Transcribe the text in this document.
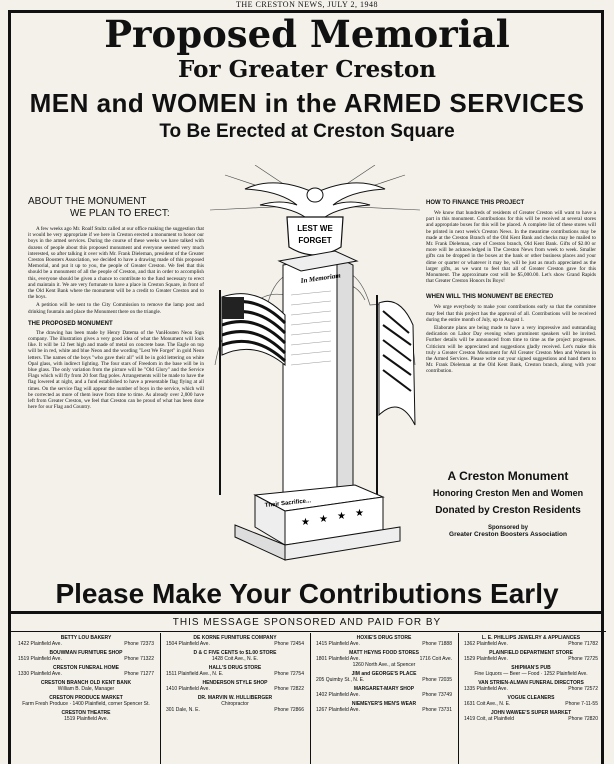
THE CRESTON NEWS, JULY 2, 1948
Proposed Memorial
For Greater Creston
MEN and WOMEN in the ARMED SERVICES
To Be Erected at Creston Square
ABOUT THE MONUMENT
WE PLAN TO ERECT:
A few weeks ago Mr. Roalf Stultz called at our office making the suggestion that it would be very appropriate if we here in Creston erected a monument to honor our boys in the armed services. During the course of these weeks we have talked with dozens of people about this proposed monument and everyone seemed very much interested, so after talking it over with Mr. Frank Dieleman, president of the Greater Creston Boosters Association, we decided to have a drawing made of this proposed Memorial, and put it up to you, the people of Greater Creston. We feel that this should be a monument of all the people of Creston, and that in order to accomplish this, everyone should be given a chance to contribute to the fund necessary to erect and maintain it. We are very fortunate to have a place in Creston Square, in front of the Old Kent Bank where the monument will be a credit to Greater Creston and to the boys.
A petition will be sent to the City Commission to remove the lamp post and drinking fountain and place the Monument there on the triangle.
THE PROPOSED MONUMENT
The drawing has been made by Henry Datema of the VanHouten Neon Sign company. The illustration gives a very good idea of what the Monument will look like. It will be 12 feet high and made of metal on concrete base. The Eagle on top will be in red, white and blue Neon and the wording "Lest We Forget" in gold Neon letters. The names of the boys "who gave their all" will be in gold lettering on white Opal glass, with indirect lighting. The four stars of Freedom in the base will be in blue glass. The only variation from the picture will be "Old Glory" and the Service Flags which will fly from 20 foot flag poles. Arrangements will be made to have the flag lowered at night, and a fund established to have a presentable flag flying at all times. On the service flag will appear the number of boys in the service, which will be corrected as more of them leave from time to time. As already over 2,000 have left from Greater Creston, we feel that Creston can be proud of what has been done here for our Flag and Country.
LEST WE
FORGET
In Memoriam
★ ★ ★ ★
Their Sacrifice...
HOW TO FINANCE THIS PROJECT
We know that hundreds of residents of Greater Creston will want to have a part in this monument. Contributions for this will be received at several stores and appropriate boxes for this will be placed. A complete list of these stores will be printed in next week's Creston News. In the meantime contributions may be made at the Creston Branch of the Old Kent Bank and checks may be mailed to Mr. Frank Dieleman, care of Creston branch, Old Kent Bank. Gifts of $2.00 or more will be acknowledged in The Creston News from week to week. Smaller gifts can be dropped in the boxes at the bank or other business places and your dime or quarter or whatever it may be, will be just as much appreciated as the larger gifts, as we want to feel that all of Greater Creston gave for this Monument. The approximate cost will be $5,000.00. Let's show Grand Rapids that Greater Creston Honors Its Boys!
WHEN WILL THIS MONUMENT BE ERECTED
We urge everybody to make your contributions early so that the committee may feel that this project has the approval of all. Contributions will be received during the entire month of July, up to August 1.
Elaborate plans are being made to have a very impressive and outstanding dedication on Labor Day evening when prominent speakers will be invited. Further details will be announced from time to time as the project progresses. Criticism will be appreciated and suggestions gladly received. Let's make this truly a Greater Creston Monument for All Greater Creston Men and Women in the Armed Services. Please write out your signed suggestions and hand them to Mr. Frank Dieleman at the Old Kent Bank, Creston branch, along with your contribution.
A Creston Monument
Honoring Creston Men and Women
Donated by Creston Residents
Sponsored by
Greater Creston Boosters Association
Please Make Your Contributions Early
THIS MESSAGE SPONSORED AND PAID FOR BY
BETTY LOU BAKERY
1422 Plainfield Ave.	Phone 72373
BOUWMAN FURNITURE SHOP
1519 Plainfield Ave.	Phone 71322
CRESTON FUNERAL HOME
1330 Plainfield Ave.	Phone 71277
CRESTON BRANCH OLD KENT BANK
William B. Dale, Manager
CRESTON PRODUCE MARKET
Farm Fresh Produce · 1400 Plainfield, corner Spencer St.
CRESTON THEATRE
1519 Plainfield Ave.
DE KORNE FURNITURE COMPANY
1504 Plainfield Ave.	Phone 72454
D & C FIVE CENTS to $1.00 STORE
1428 Coit Ave., N. E.
HALL'S DRUG STORE
1511 Plainfield Ave., N. E.	Phone 72754
HENDERSON STYLE SHOP
1410 Plainfield Ave.	Phone 72822
DR. MARVIN W. HULLIBERGER
Chiropractor
301 Dale, N. E.	Phone 72866
HOXIE'S DRUG STORE
1415 Plainfield Ave.	Phone 71888
MATT HEYNS FOOD STORES
1801 Plainfield Ave.	1716 Coit Ave.
1260 North Ave., at Spencer
JIM and GEORGE'S PLACE
205 Quimby St., N. E.	Phone 72035
MARGARET-MARY SHOP
1402 Plainfield Ave.	Phone 73749
NIEMEYER'S MEN'S WEAR
1267 Plainfield Ave.	Phone 73731
L. E. PHILLIPS JEWELRY & APPLIANCES
1362 Plainfield Ave.	Phone 71782
PLAINFIELD DEPARTMENT STORE
1529 Plainfield Ave.	Phone 72725
SHIPMAN'S PUB
Fine Liquors — Beer — Food · 1252 Plainfield Ave.
VAN STRIEN-ALMAN FUNERAL DIRECTORS
1335 Plainfield Ave.	Phone 72572
VOGUE CLEANERS
1631 Coit Ave., N. E.	Phone 7-11-55
JOHN WAWEE'S SUPER MARKET
1419 Coit, at Plainfield	Phone 72820
